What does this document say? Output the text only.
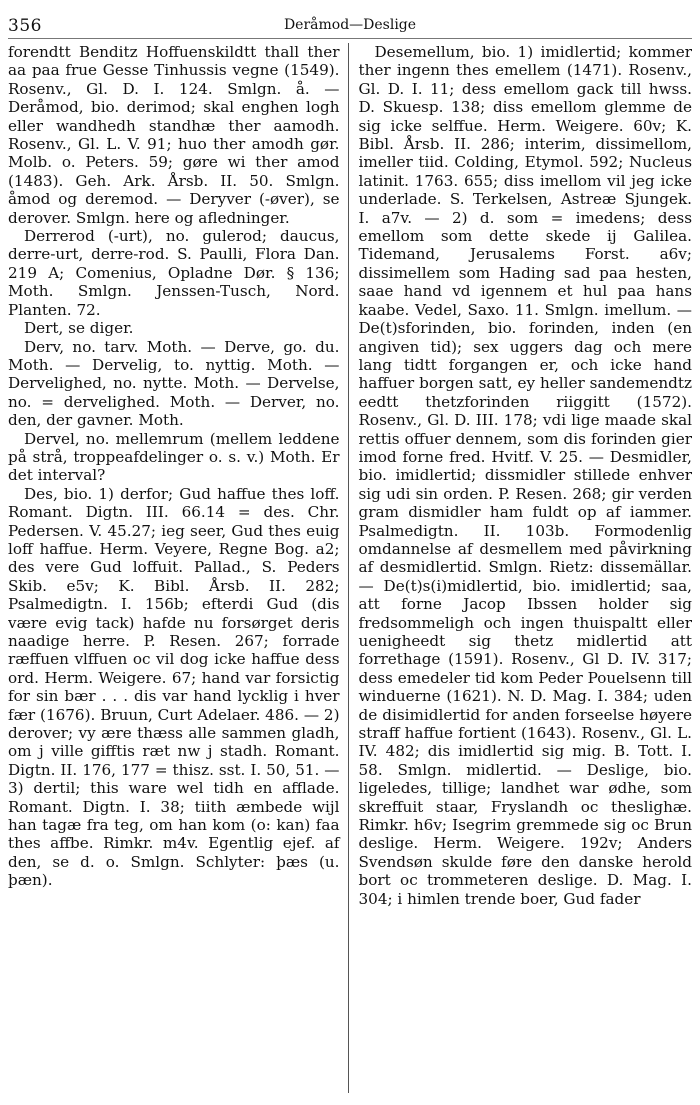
356	Deråmod—Deslige

forendtt Benditz Hoffuenskildtt thall ther aa paa frue Gesse Tinhussis vegne (1549). Rosenv., Gl. D. I. 124. Smlgn. å. — Deråmod, bio. derimod; skal enghen logh eller wandhedh standhæ ther aamodh. Rosenv., Gl. L. V. 91; huo ther amodh gør. Molb. o. Peters. 59; gøre wi ther amod (1483). Geh. Ark. Årsb. II. 50. Smlgn. åmod og deremod. — Deryver (-øver), se derover. Smlgn. here og afledninger.

Derrerod (-urt), no. gulerod; daucus, derre-urt, derre-rod. S. Paulli, Flora Dan. 219 A; Comenius, Opladne Dør. § 136; Moth. Smlgn. Jenssen-Tusch, Nord. Planten. 72.

Dert, se diger.

Derv, no. tarv. Moth. — Derve, go. du. Moth. — Dervelig, to. nyttig. Moth. — Dervelighed, no. nytte. Moth. — Dervelse, no. = dervelighed. Moth. — Derver, no. den, der gavner. Moth.

Dervel, no. mellemrum (mellem leddene på strå, troppeafdelinger o. s. v.) Moth. Er det interval?

Des, bio. 1) derfor; Gud haffue thes loff. Romant. Digtn. III. 66.14 = des. Chr. Pedersen. V. 45.27; ieg seer, Gud thes euig loff haffue. Herm. Veyere, Regne Bog. a2; des vere Gud loffuit. Pallad., S. Peders Skib. e5v; K. Bibl. Årsb. II. 282; Psalmedigtn. I. 156b; efterdi Gud (dis være evig tack) hafde nu forsørget deris naadige herre. P. Resen. 267; forrade ræffuen vlffuen oc vil dog icke haffue dess ord. Herm. Weigere. 67; hand var forsictig for sin bær . . . dis var hand lycklig i hver fær (1676). Bruun, Curt Adelaer. 486. — 2) derover; vy ære thæss alle sammen gladh, om j ville gifftis ræt nw j stadh. Romant. Digtn. II. 176, 177 = thisz. sst. I. 50, 51. — 3) dertil; this ware wel tidh en afflade. Romant. Digtn. I. 38; tiith æmbede wijl han tagæ fra teg, om han kom (o: kan) faa thes affbe. Rimkr. m4v. Egentlig ejef. af den, se d. o. Smlgn. Schlyter: þæs (u. þæn).

Desemellum, bio. 1) imidlertid; kommer ther ingenn thes emellem (1471). Rosenv., Gl. D. I. 11; dess emellom gack till hwss. D. Skuesp. 138; diss emellom glemme de sig icke selffue. Herm. Weigere. 60v; K. Bibl. Årsb. II. 286; interim, dissimellom, imeller tiid. Colding, Etymol. 592; Nucleus latinit. 1763. 655; diss imellom vil jeg icke underlade. S. Terkelsen, Astreæ Sjungek. I. a7v. — 2) d. som = imedens; dess emellom som dette skede ij Galilea. Tidemand, Jerusalems Forst. a6v; dissimellem som Hading sad paa hesten, saae hand vd igennem et hul paa hans kaabe. Vedel, Saxo. 11. Smlgn. imellum. — De(t)sforinden, bio. forinden, inden (en angiven tid); sex uggers dag och mere lang tidtt forgangen er, och icke hand haffuer borgen satt, ey heller sandemendtz eedtt thetzforinden riiggitt (1572). Rosenv., Gl. D. III. 178; vdi lige maade skal rettis offuer dennem, som dis forinden gier imod forne fred. Hvitf. V. 25. — Desmidler, bio. imidlertid; dissmidler stillede enhver sig udi sin orden. P. Resen. 268; gir verden gram dismidler ham fuldt op af iammer. Psalmedigtn. II. 103b. Formodenlig omdannelse af desmellem med påvirkning af desmidlertid. Smlgn. Rietz: dissemällar. — De(t)s(i)midlertid, bio. imidlertid; saa, att forne Jacop Ibssen holder sig fredsommeligh och ingen thuispaltt eller uenigheedt sig thetz midlertid att forrethage (1591). Rosenv., Gl D. IV. 317; dess emedeler tid kom Peder Pouelsenn till winduerne (1621). N. D. Mag. I. 384; uden de disimidlertid for anden forseelse høyere straff haffue fortient (1643). Rosenv., Gl. L. IV. 482; dis imidlertid sig mig. B. Tott. I. 58. Smlgn. midlertid. — Deslige, bio. ligeledes, tillige; landhet war ødhe, som skreffuit staar, Fryslandh oc theslighæ. Rimkr. h6v; Isegrim gremmede sig oc Brun deslige. Herm. Weigere. 192v; Anders Svendsøn skulde føre den danske herold bort oc trommeteren deslige. D. Mag. I. 304; i himlen trende boer, Gud fader
